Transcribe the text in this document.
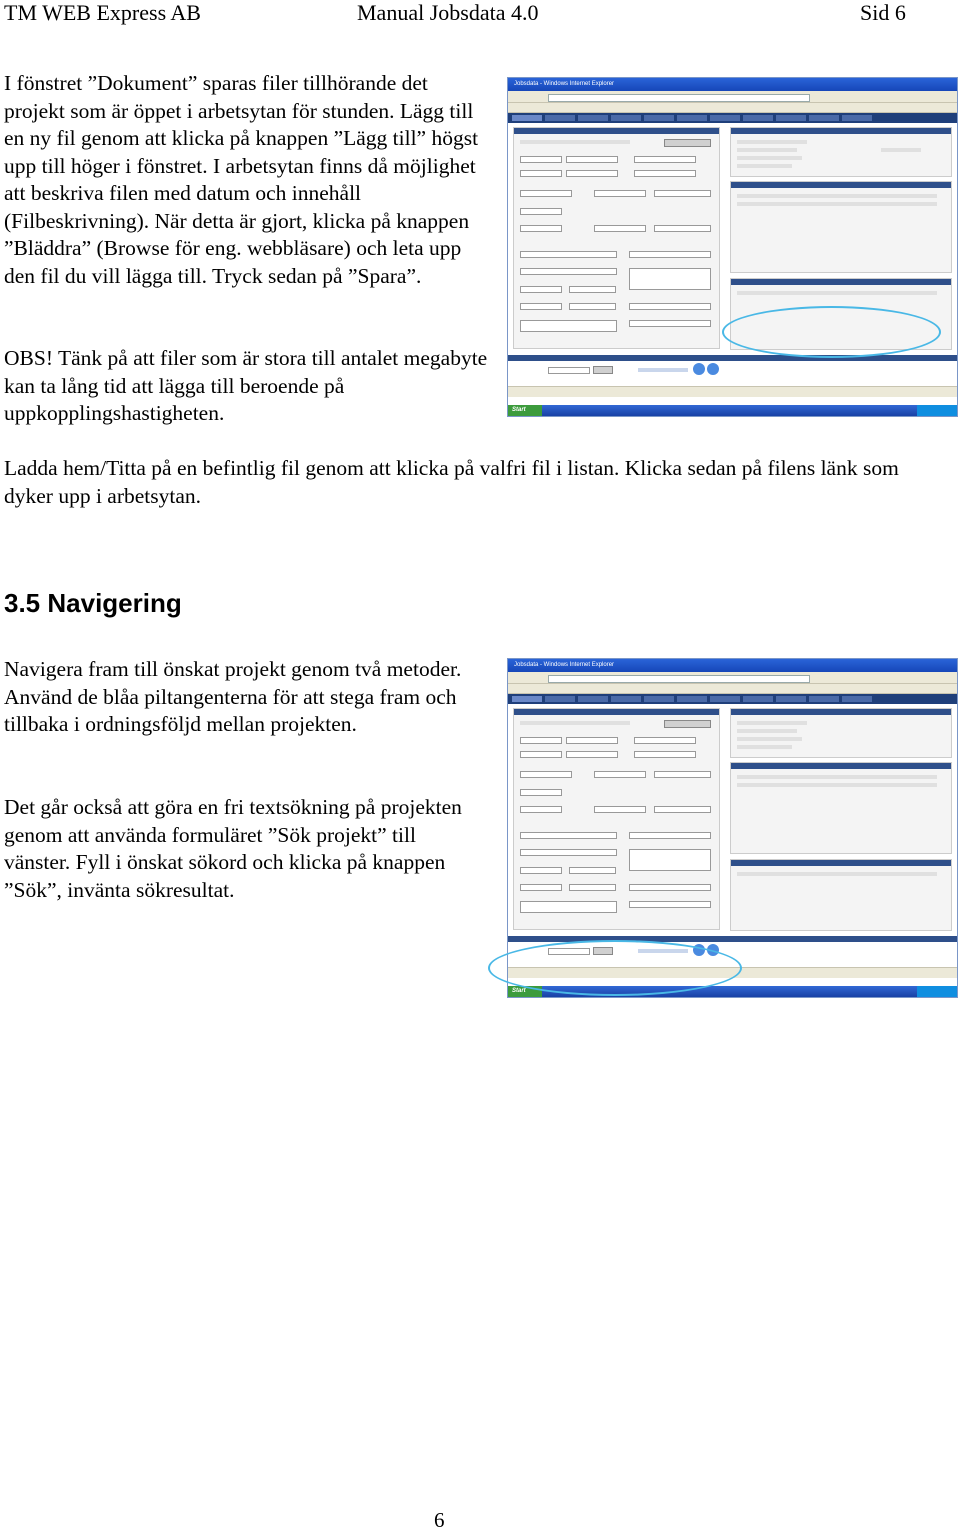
TM WEB Express AB	Manual Jobsdata 4.0	Sid 6
I fönstret ”Dokument” sparas filer tillhörande det projekt som är öppet i arbetsytan för stunden. Lägg till en ny fil genom att klicka på knappen ”Lägg till” högst upp till höger i fönstret. I arbetsytan finns då möjlighet att beskriva filen med datum och innehåll (Filbeskrivning). När detta är gjort, klicka på knappen ”Bläddra” (Browse för eng. webbläsare) och leta upp den fil du vill lägga till. Tryck sedan på ”Spara”.
OBS! Tänk på att filer som är stora till antalet megabyte kan ta lång tid att lägga till beroende på uppkopplingshastigheten.
Ladda hem/Titta på en befintlig fil genom att klicka på valfri fil i listan. Klicka sedan på filens länk som dyker upp i arbetsytan.
Jobsdata - Windows Internet Explorer
Start
3.5 Navigering
Navigera fram till önskat projekt genom två metoder. Använd de blåa piltangenterna för att stega fram och tillbaka i ordningsföljd mellan projekten.
Det går också att göra en fri textsökning på projekten genom att använda formuläret ”Sök projekt” till vänster. Fyll i önskat sökord och klicka på knappen ”Sök”, invänta sökresultat.
Jobsdata - Windows Internet Explorer
Start
6
